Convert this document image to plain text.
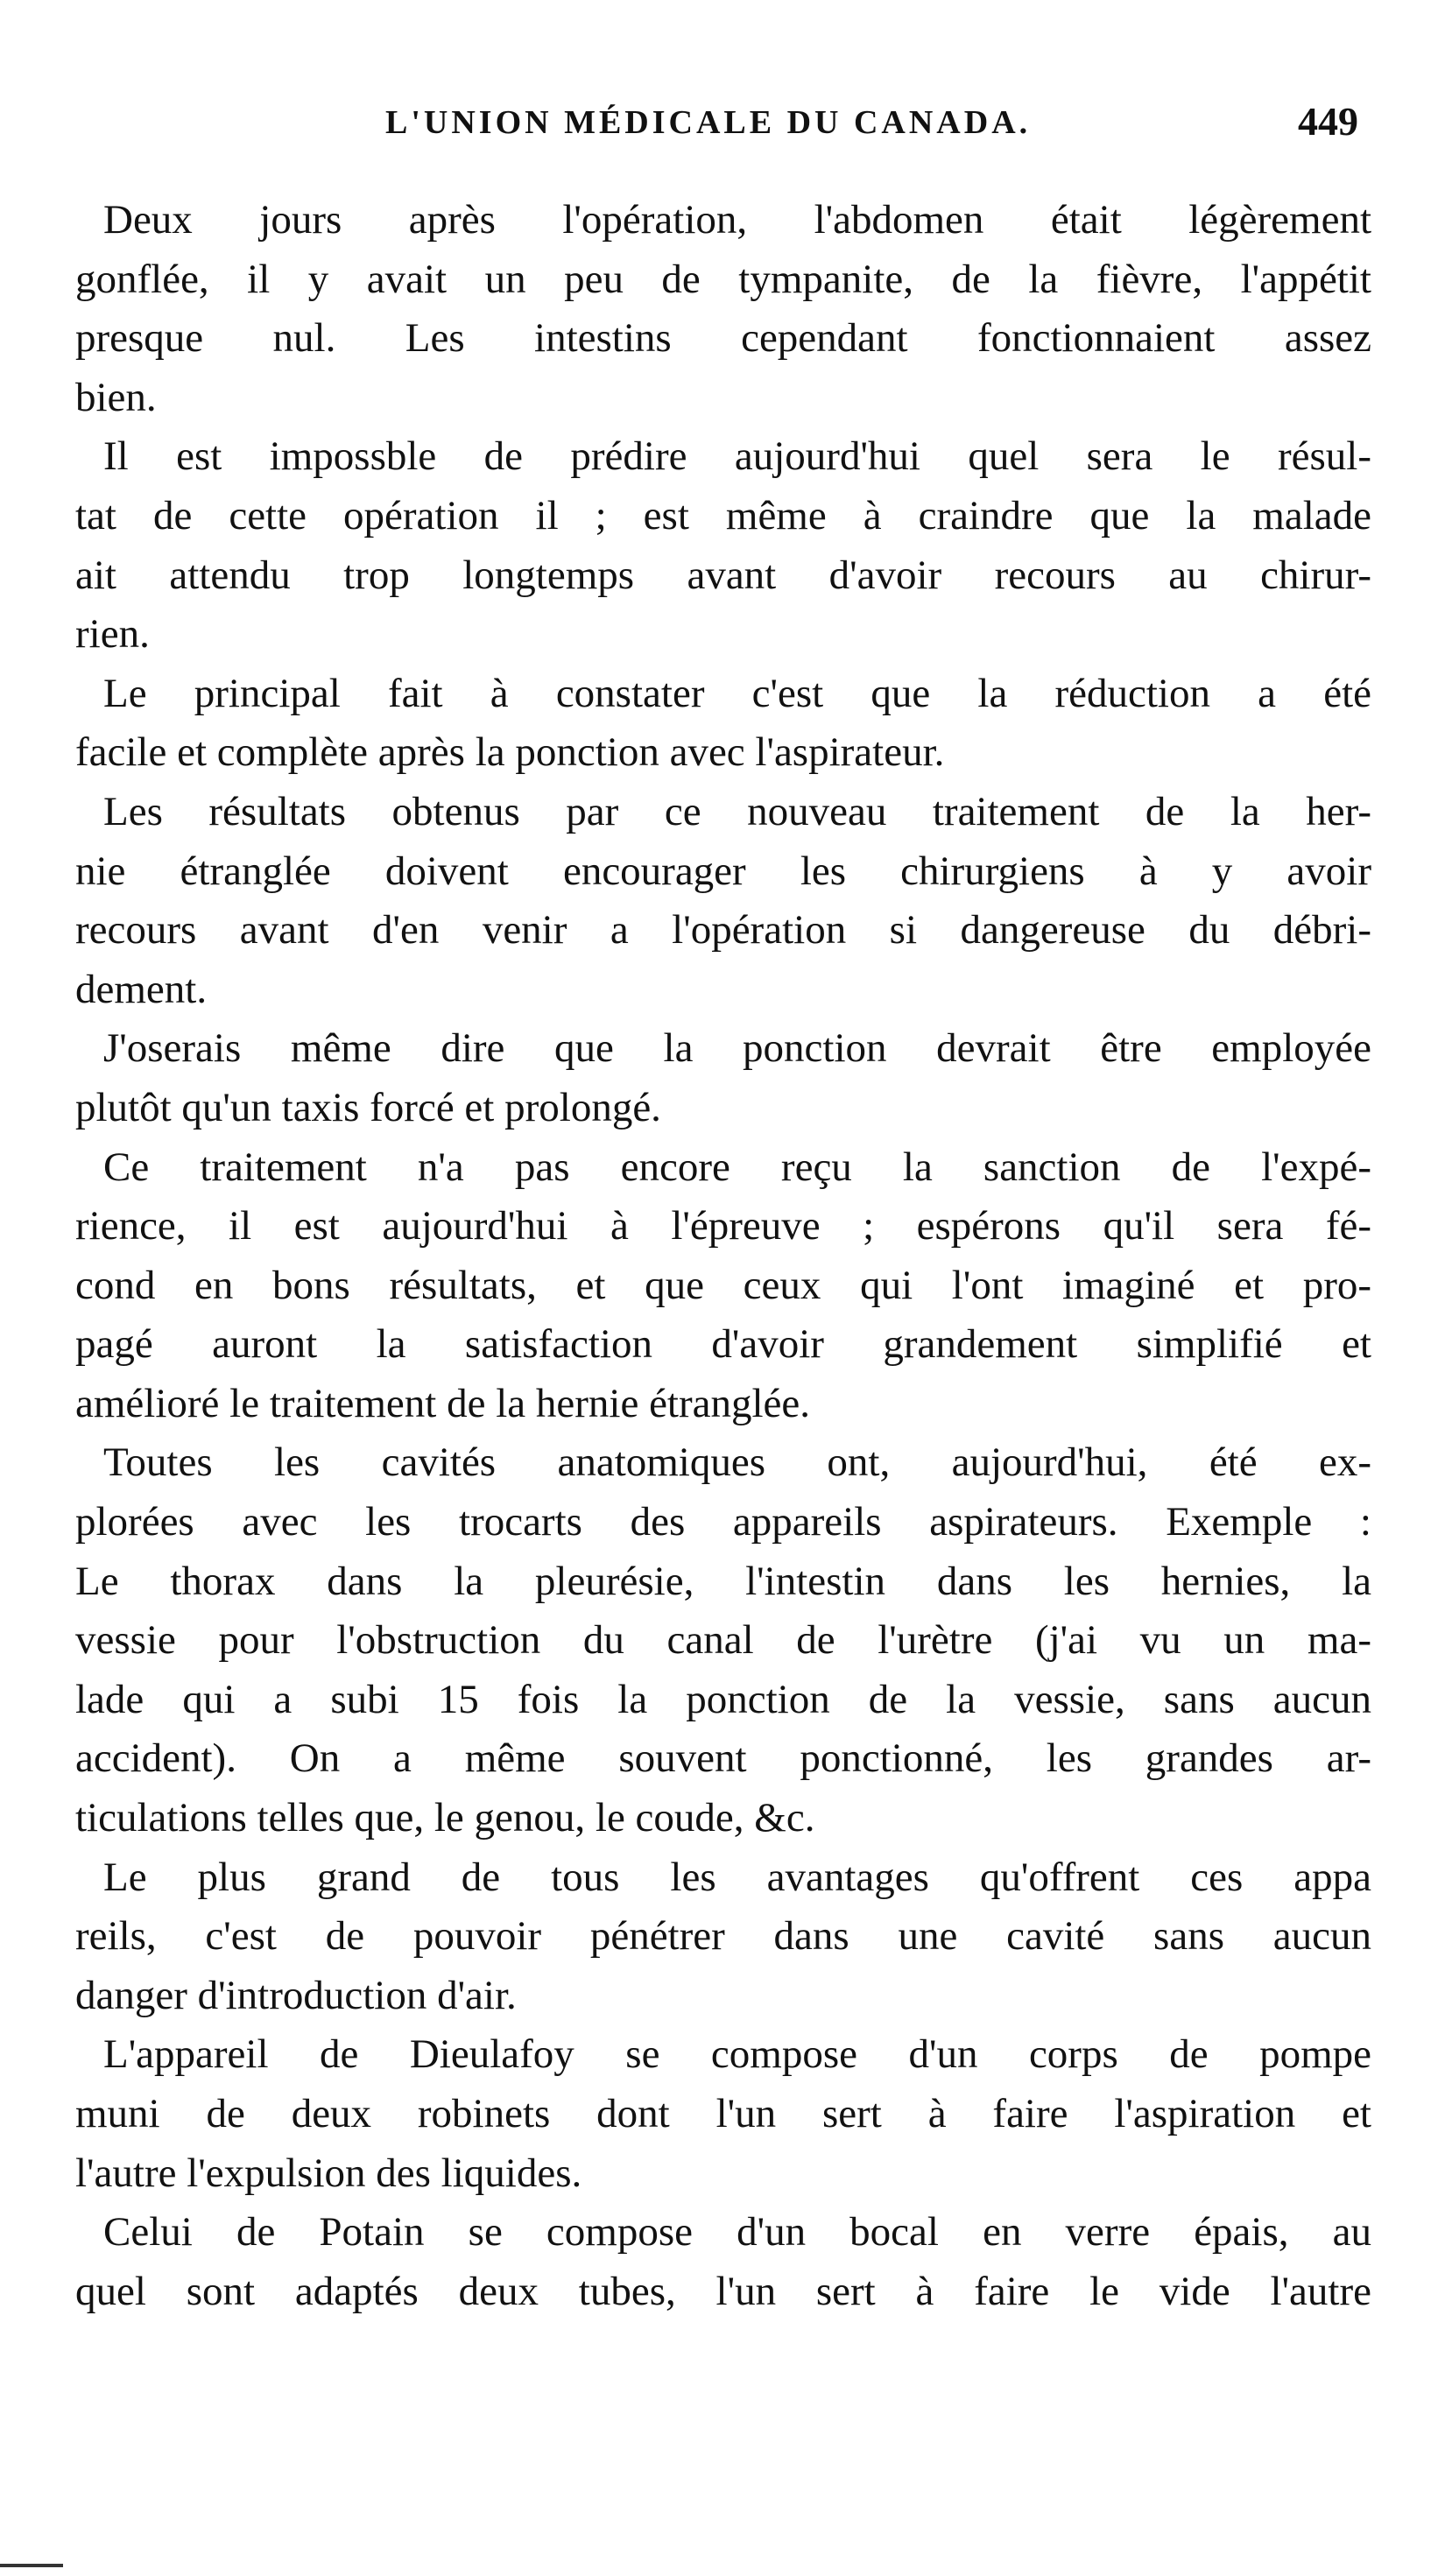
L'UNION MÉDICALE DU CANADA.	449
Deux jours après l'opération, l'abdomen était légèrement
gonflée, il y avait un peu de tympanite, de la fièvre, l'appétit
presque nul. Les intestins cependant fonctionnaient assez
bien.
Il est impossble de prédire aujourd'hui quel sera le résul-
tat de cette opération il ; est même à craindre que la malade
ait attendu trop longtemps avant d'avoir recours au chirur-
rien.
Le principal fait à constater c'est que la réduction a été
facile et complète après la ponction avec l'aspirateur.
Les résultats obtenus par ce nouveau traitement de la her-
nie étranglée doivent encourager les chirurgiens à y avoir
recours avant d'en venir a l'opération si dangereuse du débri-
dement.
J'oserais même dire que la ponction devrait être employée
plutôt qu'un taxis forcé et prolongé.
Ce traitement n'a pas encore reçu la sanction de l'expé-
rience, il est aujourd'hui à l'épreuve ; espérons qu'il sera fé-
cond en bons résultats, et que ceux qui l'ont imaginé et pro-
pagé auront la satisfaction d'avoir grandement simplifié et
amélioré le traitement de la hernie étranglée.
Toutes les cavités anatomiques ont, aujourd'hui, été ex-
plorées avec les trocarts des appareils aspirateurs. Exemple :
Le thorax dans la pleurésie, l'intestin dans les hernies, la
vessie pour l'obstruction du canal de l'urètre (j'ai vu un ma-
lade qui a subi 15 fois la ponction de la vessie, sans aucun
accident). On a même souvent ponctionné, les grandes ar-
ticulations telles que, le genou, le coude, &c.
Le plus grand de tous les avantages qu'offrent ces appa
reils, c'est de pouvoir pénétrer dans une cavité sans aucun
danger d'introduction d'air.
L'appareil de Dieulafoy se compose d'un corps de pompe
muni de deux robinets dont l'un sert à faire l'aspiration et
l'autre l'expulsion des liquides.
Celui de Potain se compose d'un bocal en verre épais, au
quel sont adaptés deux tubes, l'un sert à faire le vide l'autre
